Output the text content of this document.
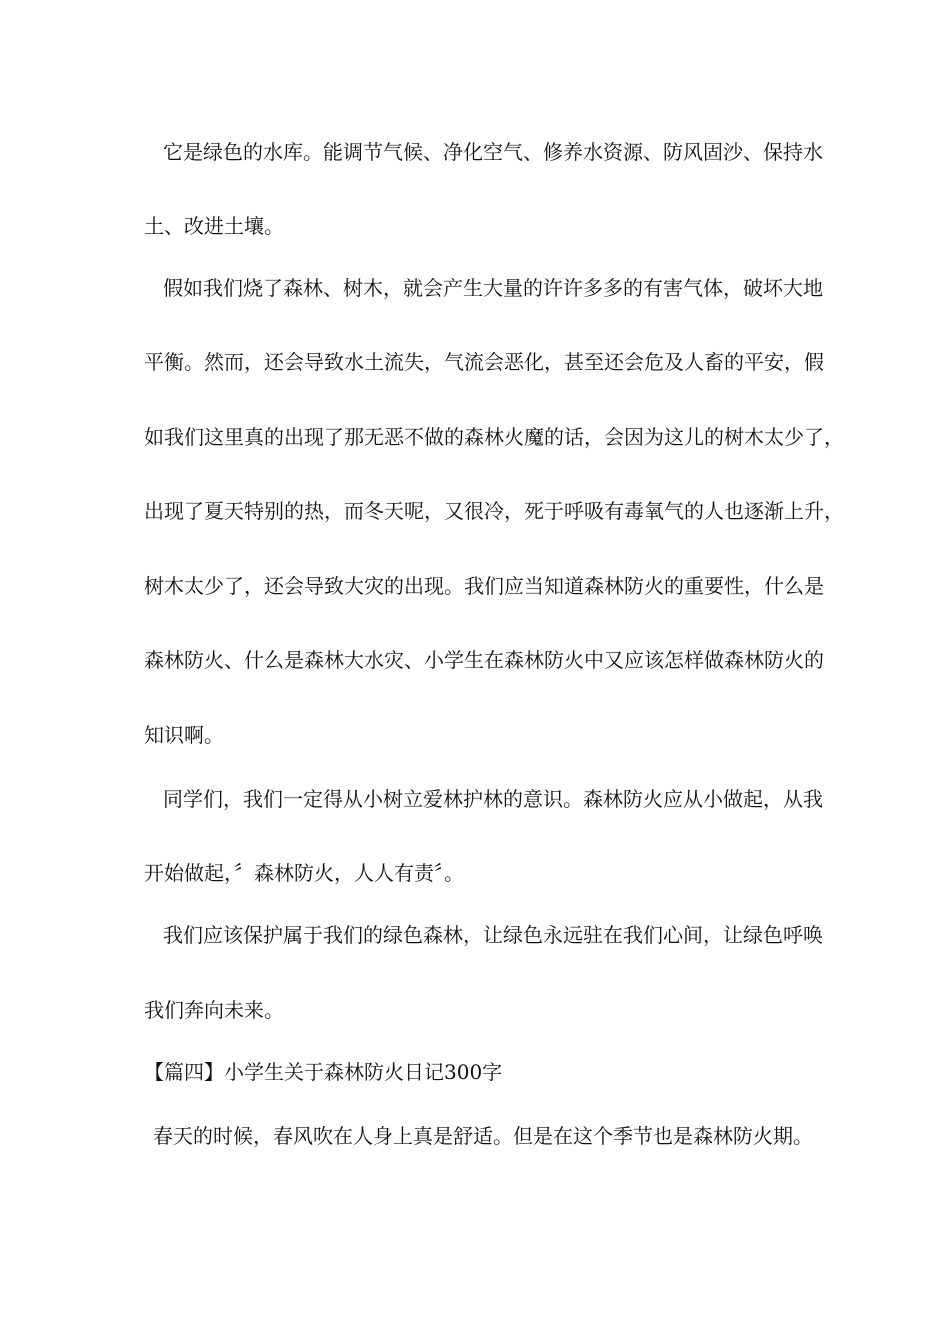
它是绿色的水库。能调节气候、净化空气、修养水资源、防风固沙、保持水
土、改进土壤。
假如我们烧了森林、树木，就会产生大量的许许多多的有害气体，破坏大地
平衡。然而，还会导致水土流失，气流会恶化，甚至还会危及人畜的平安，假
如我们这里真的出现了那无恶不做的森林火魔的话，会因为这儿的树木太少了，
出现了夏天特别的热，而冬天呢，又很冷，死于呼吸有毒氧气的人也逐渐上升，
树木太少了，还会导致大灾的出现。我们应当知道森林防火的重要性，什么是
森林防火、什么是森林大水灾、小学生在森林防火中又应该怎样做森林防火的
知识啊。
同学们，我们一定得从小树立爱林护林的意识。森林防火应从小做起，从我
开始做起，〞森林防火，人人有责〞。
我们应该保护属于我们的绿色森林，让绿色永远驻在我们心间，让绿色呼唤
我们奔向未来。
【篇四】小学生关于森林防火日记300字
春天的时候，春风吹在人身上真是舒适。但是在这个季节也是森林防火期。
